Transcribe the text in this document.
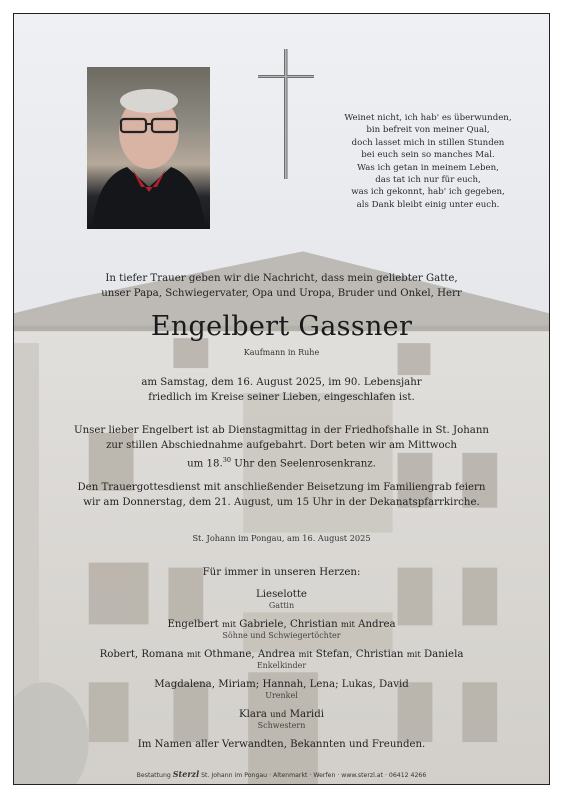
Weinet nicht, ich hab' es überwunden,
bin befreit von meiner Qual,
doch lasset mich in stillen Stunden
bei euch sein so manches Mal.
Was ich getan in meinem Leben,
das tat ich nur für euch,
was ich gekonnt, hab' ich gegeben,
als Dank bleibt einig unter euch.
In tiefer Trauer geben wir die Nachricht, dass mein geliebter Gatte,
unser Papa, Schwiegervater, Opa und Uropa, Bruder und Onkel, Herr
Engelbert Gassner
Kaufmann in Ruhe
am Samstag, dem 16. August 2025, im 90. Lebensjahr
friedlich im Kreise seiner Lieben, eingeschlafen ist.
Unser lieber Engelbert ist ab Dienstagmittag in der Friedhofshalle in St. Johann
zur stillen Abschiednahme aufgebahrt. Dort beten wir am Mittwoch
um 18.30 Uhr den Seelenrosenkranz.
Den Trauergottesdienst mit anschließender Beisetzung im Familiengrab feiern
wir am Donnerstag, dem 21. August, um 15 Uhr in der Dekanatspfarrkirche.
St. Johann im Pongau, am 16. August 2025
Für immer in unseren Herzen:
Lieselotte
Gattin
Engelbert mit Gabriele, Christian mit Andrea
Söhne und Schwiegertöchter
Robert, Romana mit Othmane, Andrea mit Stefan, Christian mit Daniela
Enkelkinder
Magdalena, Miriam; Hannah, Lena; Lukas, David
Urenkel
Klara und Maridi
Schwestern
Im Namen aller Verwandten, Bekannten und Freunden.
Bestattung Sterzl St. Johann im Pongau · Altenmarkt · Werfen · www.sterzl.at · 06412 4266
